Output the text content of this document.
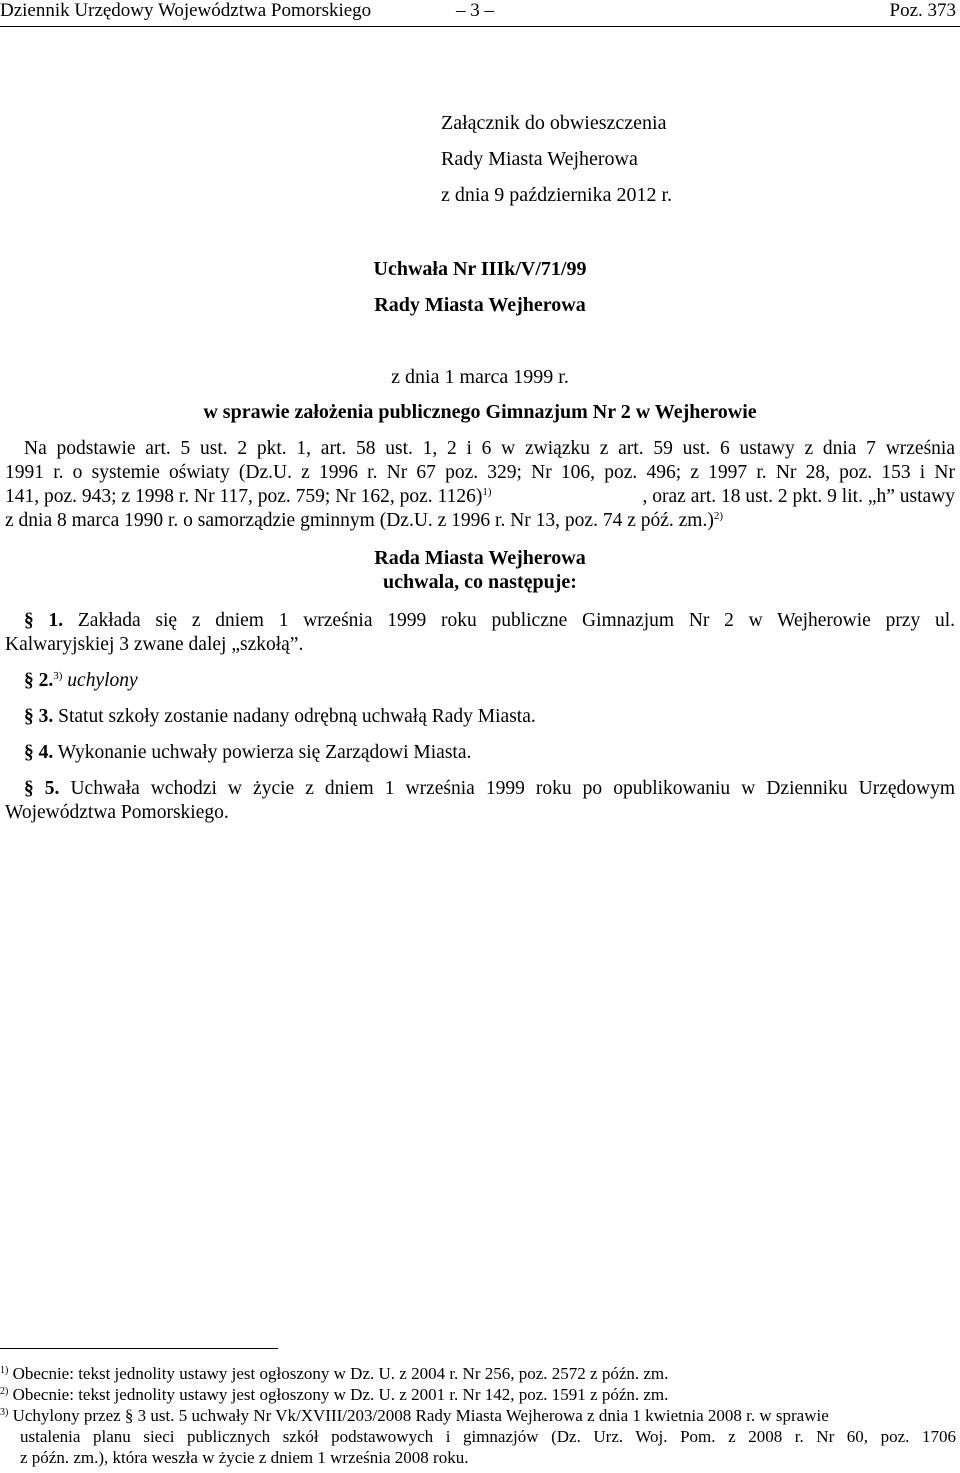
Dziennik Urzędowy Województwa Pomorskiego	– 3 –	Poz. 373
Załącznik do obwieszczenia
Rady Miasta Wejherowa
z dnia 9 października 2012 r.
Uchwała Nr IIIk/V/71/99
Rady Miasta Wejherowa
z dnia 1 marca 1999 r.
w sprawie założenia publicznego Gimnazjum Nr 2 w Wejherowie
Na podstawie art. 5 ust. 2 pkt. 1, art. 58 ust. 1, 2 i 6 w związku z art. 59 ust. 6 ustawy z dnia 7 września
1991 r. o systemie oświaty (Dz.U. z 1996 r. Nr 67 poz. 329; Nr 106, poz. 496; z 1997 r. Nr 28, poz. 153 i Nr
141, poz. 943; z 1998 r. Nr 117, poz. 759; Nr 162, poz. 1126)$^{1)}$	, oraz art. 18 ust. 2 pkt. 9 lit. „h” ustawy
z dnia 8 marca 1990 r. o samorządzie gminnym (Dz.U. z 1996 r. Nr 13, poz. 74 z póź. zm.)$^{2)}$
Rada Miasta Wejherowa
uchwala, co następuje:
§ 1. Zakłada się z dniem 1 września 1999 roku publiczne Gimnazjum Nr 2 w Wejherowie przy ul.
Kalwaryjskiej 3 zwane dalej „szkołą”.
§ 2.$^{3)}$ uchylony
§ 3. Statut szkoły zostanie nadany odrębną uchwałą Rady Miasta.
§ 4. Wykonanie uchwały powierza się Zarządowi Miasta.
§ 5. Uchwała wchodzi w życie z dniem 1 września 1999 roku po opublikowaniu w Dzienniku Urzędowym
Województwa Pomorskiego.
$^{1)}$ Obecnie: tekst jednolity ustawy jest ogłoszony w Dz. U. z 2004 r. Nr 256, poz. 2572 z późn. zm.
$^{2)}$ Obecnie: tekst jednolity ustawy jest ogłoszony w Dz. U. z 2001 r. Nr 142, poz. 1591 z późn. zm.
$^{3)}$ Uchylony przez § 3 ust. 5 uchwały Nr Vk/XVIII/203/2008 Rady Miasta Wejherowa z dnia 1 kwietnia 2008 r. w sprawie
ustalenia planu sieci publicznych szkół podstawowych i gimnazjów (Dz. Urz. Woj. Pom. z 2008 r. Nr 60, poz. 1706
z późn. zm.), która weszła w życie z dniem 1 września 2008 roku.
